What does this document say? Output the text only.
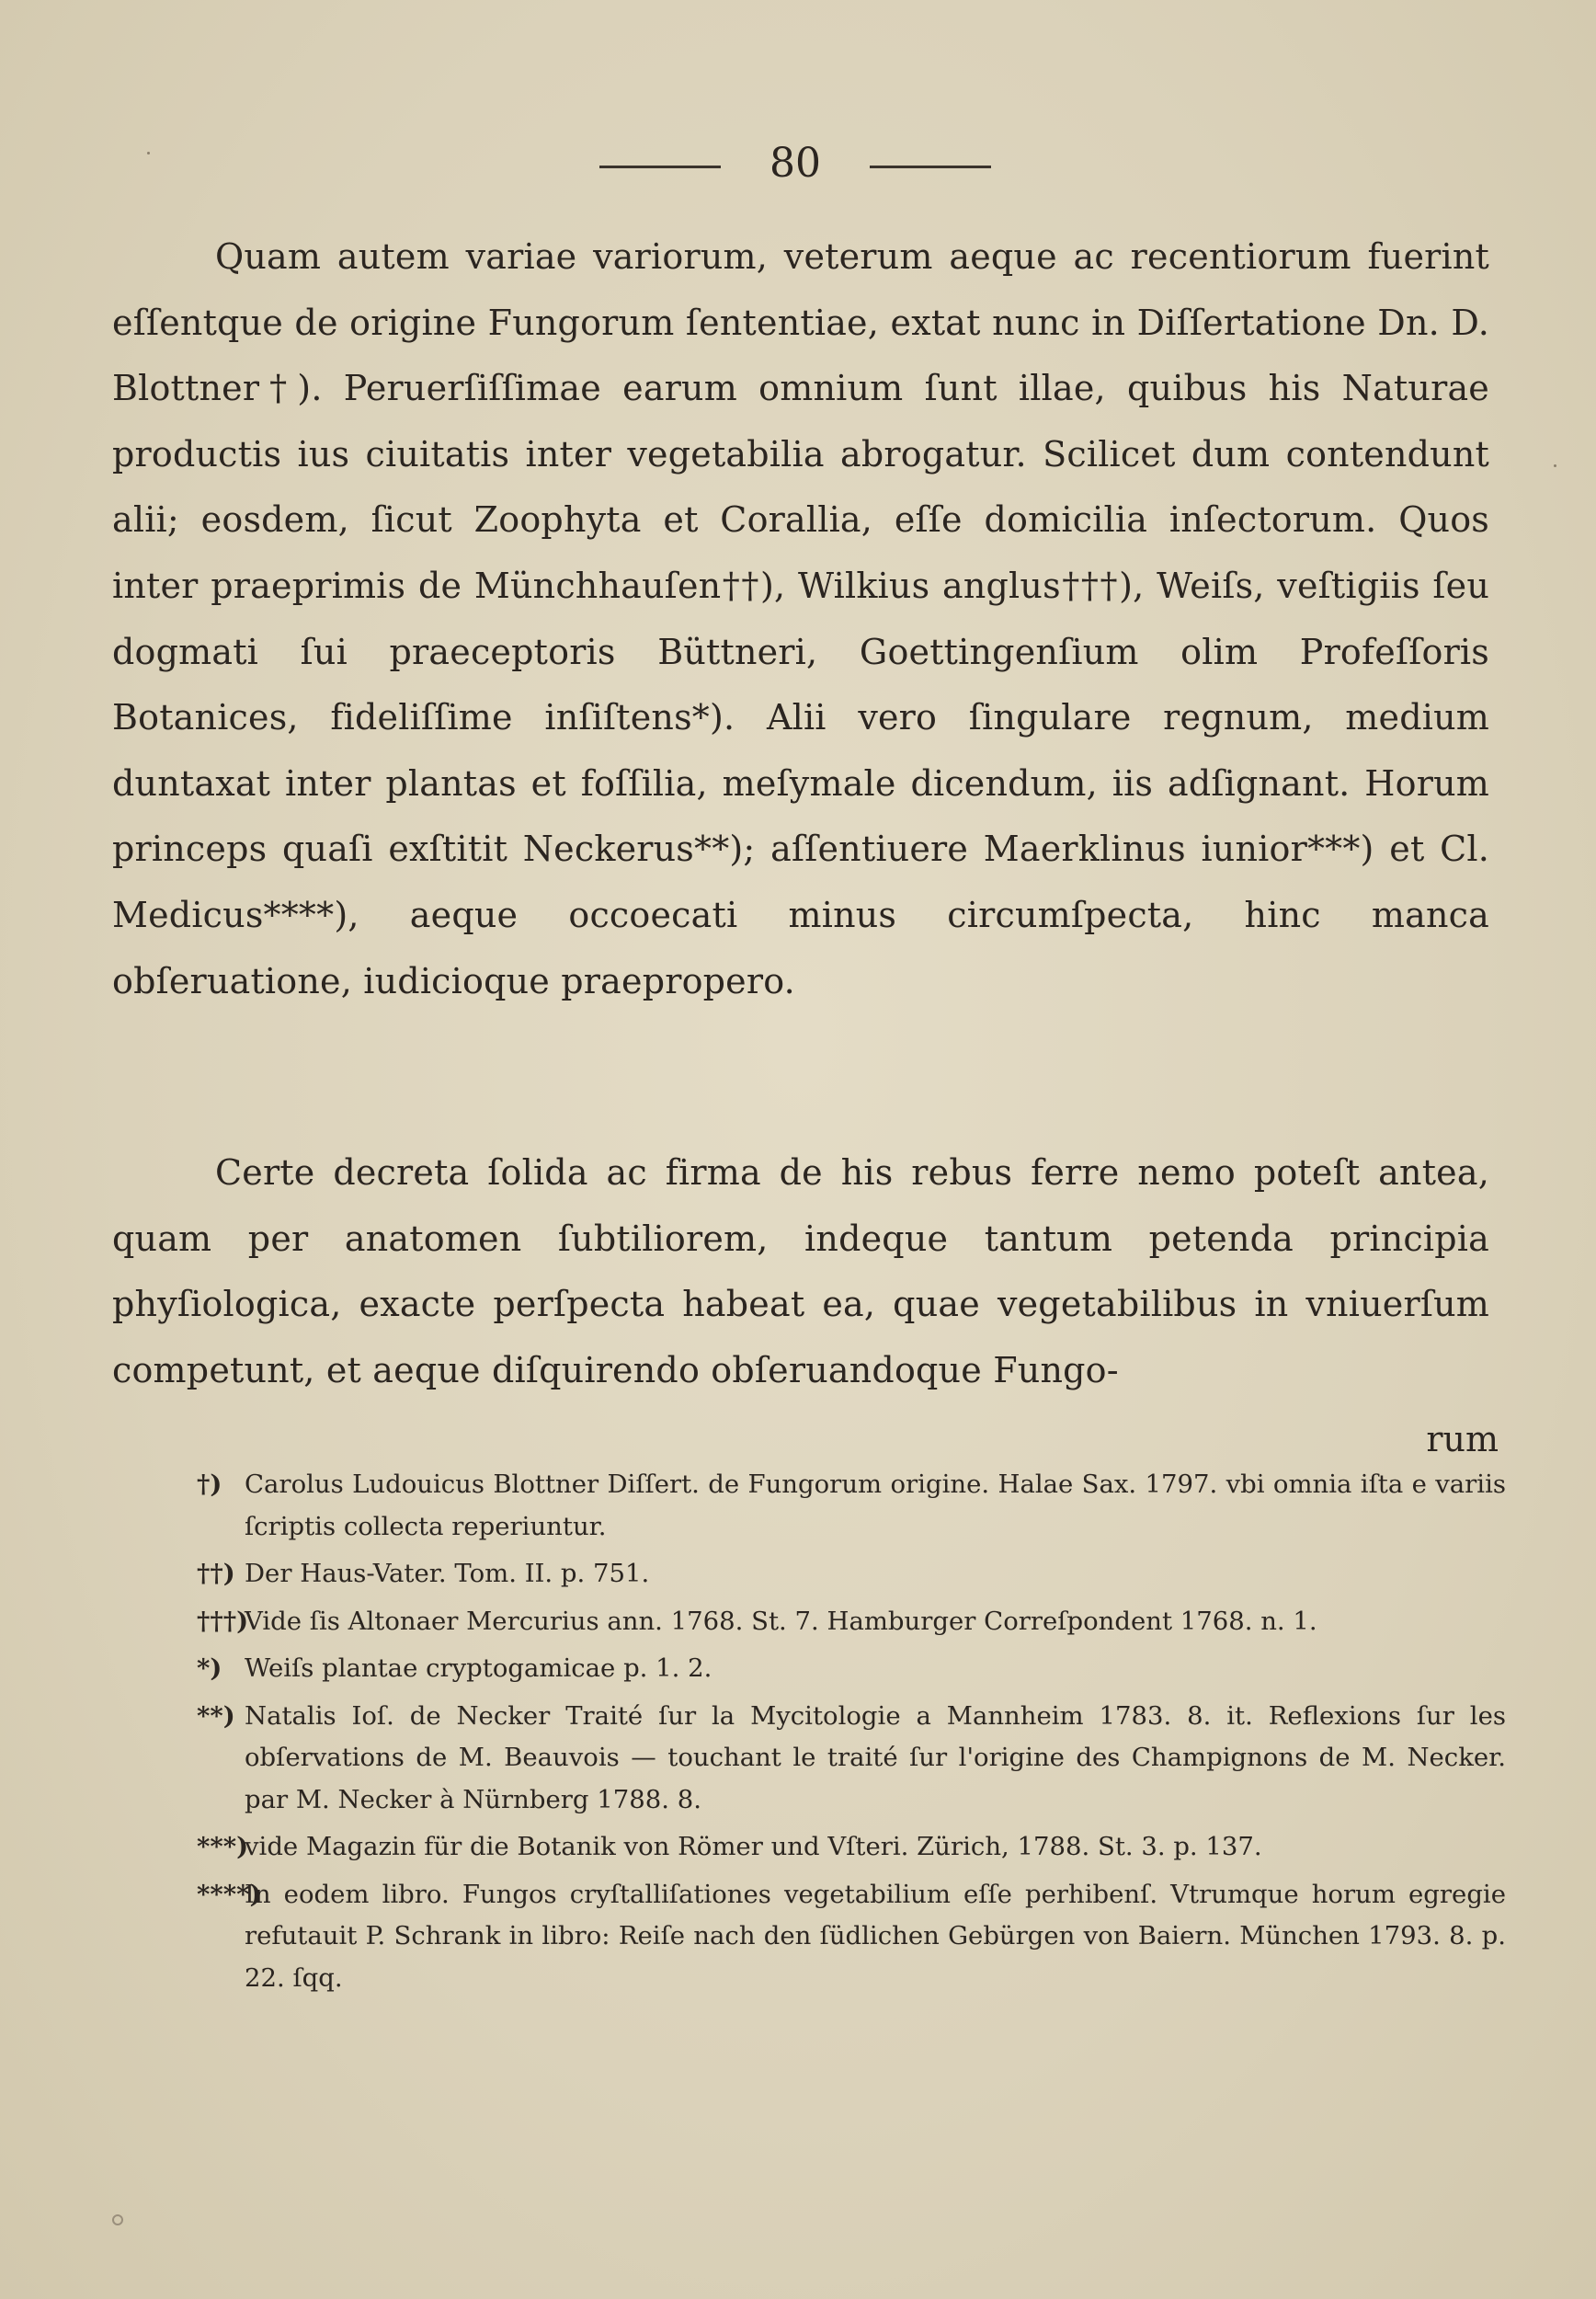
80

Quam autem variae variorum, veterum aeque ac recentiorum fuerint eſſentque de origine Fungorum ſententiae, extat nunc in Diſſertatione Dn. D. Blottner†). Peruerſiſſimae earum omnium ſunt illae, quibus his Naturae productis ius ciuitatis inter vegetabilia abrogatur. Scilicet dum contendunt alii; eosdem, ſicut Zoophyta et Corallia, eſſe domicilia inſectorum. Quos inter praeprimis de Münchhauſen††), Wilkius anglus†††), Weiſs, veſtigiis ſeu dogmati ſui praeceptoris Büttneri, Goettingenſium olim Profeſſoris Botanices, fideliſſime inſiſtens*). Alii vero ſingulare regnum, medium duntaxat inter plantas et foſſilia, meſymale dicendum, iis adſignant. Horum princeps quaſi exſtitit Neckerus**); aſſentiuere Maerklinus iunior***) et Cl. Medicus****), aeque occoecati minus circumſpecta, hinc manca obſeruatione, iudicioque praepropero.

Certe decreta ſolida ac firma de his rebus ferre nemo poteſt antea, quam per anatomen ſubtiliorem, indeque tantum petenda principia phyſiologica, exacte perſpecta habeat ea, quae vegetabilibus in vniuerſum competunt, et aeque diſquirendo obſeruandoque Fungo-

rum
†) Carolus Ludouicus Blottner Diſſert. de Fungorum origine. Halae Sax. 1797. vbi omnia iſta e variis ſcriptis collecta reperiuntur.
††) Der Haus-Vater. Tom. II. p. 751.
†††)
Vide ſis Altonaer Mercurius ann. 1768. St. 7. Hamburger Correſpondent 1768. n. 1.
*) Weiſs plantae cryptogamicae p. 1. 2.
**) Natalis Ioſ. de Necker Traité ſur la Mycitologie a Mannheim 1783. 8. it. Reflexions ſur les obſervations de M. Beauvois — touchant le traité ſur l'origine des Champignons de M. Necker. par M. Necker à Nürnberg 1788. 8.
***)
vide Magazin für die Botanik von Römer und Vſteri. Zürich, 1788. St. 3. p. 137.
****)
In eodem libro. Fungos cryſtalliſationes vegetabilium eſſe perhibenſ. Vtrumque horum egregie refutauit P. Schrank in libro: Reiſe nach den ſüdlichen Gebürgen von Baiern. München 1793. 8. p. 22. ſqq.
